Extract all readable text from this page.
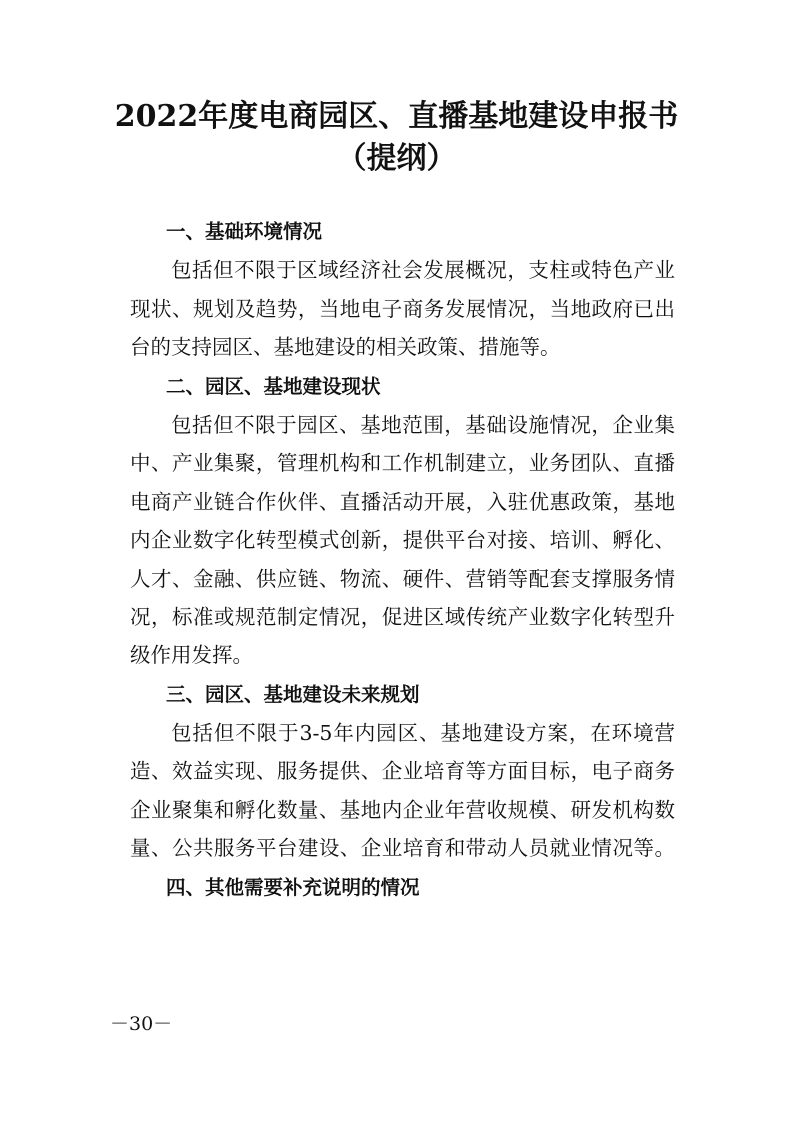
2022年度电商园区、直播基地建设申报书
（提纲）
一、基础环境情况
包括但不限于区域经济社会发展概况，支柱或特色产业
现状、规划及趋势，当地电子商务发展情况，当地政府已出
台的支持园区、基地建设的相关政策、措施等。
二、园区、基地建设现状
包括但不限于园区、基地范围，基础设施情况，企业集
中、产业集聚，管理机构和工作机制建立，业务团队、直播
电商产业链合作伙伴、直播活动开展，入驻优惠政策，基地
内企业数字化转型模式创新，提供平台对接、培训、孵化、
人才、金融、供应链、物流、硬件、营销等配套支撑服务情
况，标准或规范制定情况，促进区域传统产业数字化转型升
级作用发挥。
三、园区、基地建设未来规划
包括但不限于3-5年内园区、基地建设方案，在环境营
造、效益实现、服务提供、企业培育等方面目标，电子商务
企业聚集和孵化数量、基地内企业年营收规模、研发机构数
量、公共服务平台建设、企业培育和带动人员就业情况等。
四、其他需要补充说明的情况
－30－
